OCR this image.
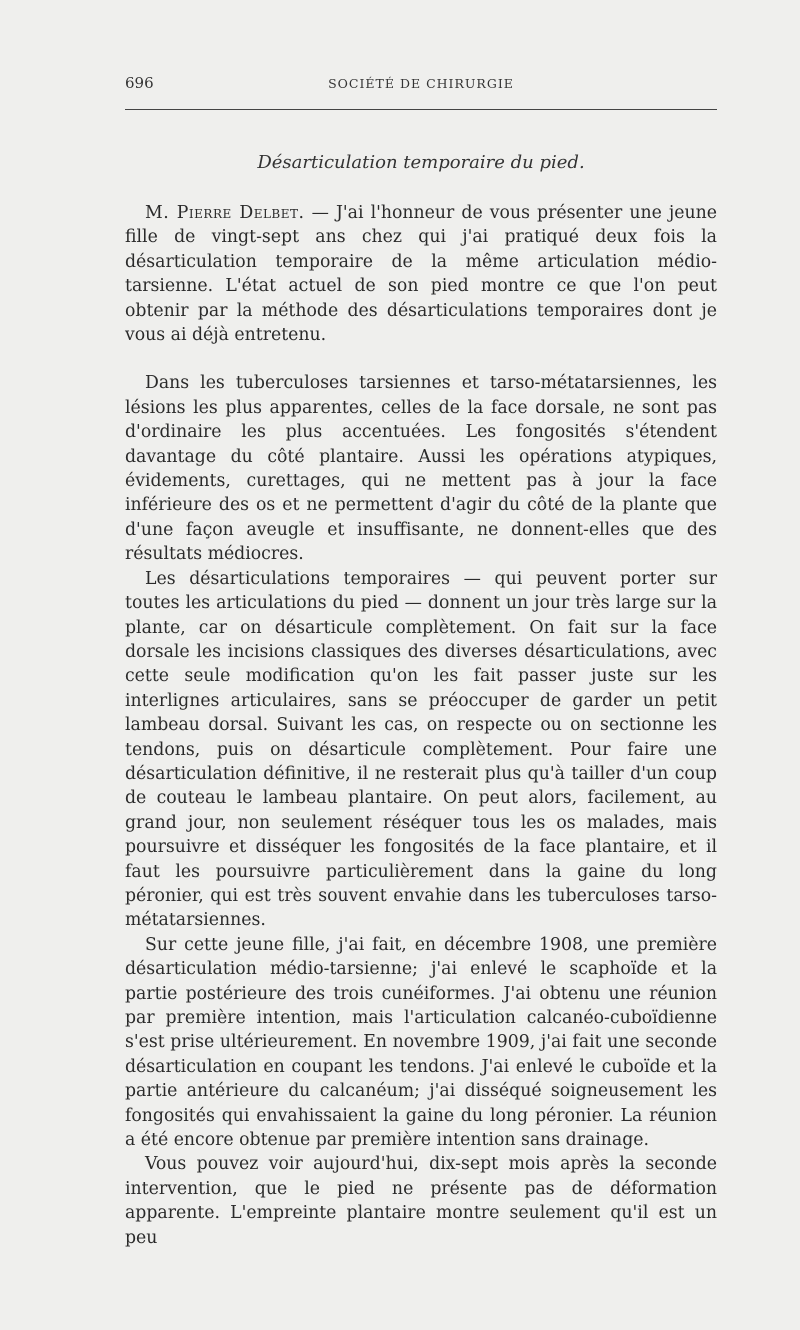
696	SOCIÉTÉ DE CHIRURGIE
Désarticulation temporaire du pied.

M. Pierre Delbet. — J'ai l'honneur de vous présenter une jeune fille de vingt-sept ans chez qui j'ai pratiqué deux fois la désarticulation temporaire de la même articulation médio-tarsienne. L'état actuel de son pied montre ce que l'on peut obtenir par la méthode des désarticulations temporaires dont je vous ai déjà entretenu.

Dans les tuberculoses tarsiennes et tarso-métatarsiennes, les lésions les plus apparentes, celles de la face dorsale, ne sont pas d'ordinaire les plus accentuées. Les fongosités s'étendent davantage du côté plantaire. Aussi les opérations atypiques, évidements, curettages, qui ne mettent pas à jour la face inférieure des os et ne permettent d'agir du côté de la plante que d'une façon aveugle et insuffisante, ne donnent-elles que des résultats médiocres.

Les désarticulations temporaires — qui peuvent porter sur toutes les articulations du pied — donnent un jour très large sur la plante, car on désarticule complètement. On fait sur la face dorsale les incisions classiques des diverses désarticulations, avec cette seule modification qu'on les fait passer juste sur les interlignes articulaires, sans se préoccuper de garder un petit lambeau dorsal. Suivant les cas, on respecte ou on sectionne les tendons, puis on désarticule complètement. Pour faire une désarticulation définitive, il ne resterait plus qu'à tailler d'un coup de couteau le lambeau plantaire. On peut alors, facilement, au grand jour, non seulement réséquer tous les os malades, mais poursuivre et disséquer les fongosités de la face plantaire, et il faut les poursuivre particulièrement dans la gaine du long péronier, qui est très souvent envahie dans les tuberculoses tarso-métatarsiennes.

Sur cette jeune fille, j'ai fait, en décembre 1908, une première désarticulation médio-tarsienne; j'ai enlevé le scaphoïde et la partie postérieure des trois cunéiformes. J'ai obtenu une réunion par première intention, mais l'articulation calcanéo-cuboïdienne s'est prise ultérieurement. En novembre 1909, j'ai fait une seconde désarticulation en coupant les tendons. J'ai enlevé le cuboïde et la partie antérieure du calcanéum; j'ai disséqué soigneusement les fongosités qui envahissaient la gaine du long péronier. La réunion a été encore obtenue par première intention sans drainage.

Vous pouvez voir aujourd'hui, dix-sept mois après la seconde intervention, que le pied ne présente pas de déformation apparente. L'empreinte plantaire montre seulement qu'il est un peu
